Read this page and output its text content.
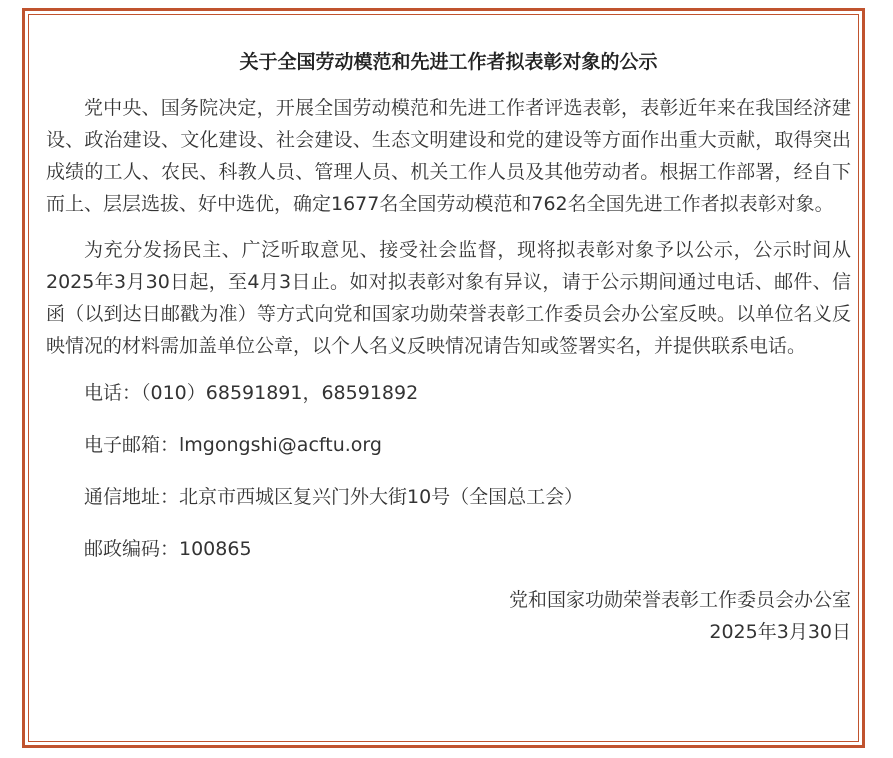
关于全国劳动模范和先进工作者拟表彰对象的公示

党中央、国务院决定，开展全国劳动模范和先进工作者评选表彰，表彰近年来在我国经济建设、政治建设、文化建设、社会建设、生态文明建设和党的建设等方面作出重大贡献，取得突出成绩的工人、农民、科教人员、管理人员、机关工作人员及其他劳动者。根据工作部署，经自下而上、层层选拔、好中选优，确定1677名全国劳动模范和762名全国先进工作者拟表彰对象。

为充分发扬民主、广泛听取意见、接受社会监督，现将拟表彰对象予以公示，公示时间从2025年3月30日起，至4月3日止。如对拟表彰对象有异议，请于公示期间通过电话、邮件、信函（以到达日邮戳为准）等方式向党和国家功勋荣誉表彰工作委员会办公室反映。以单位名义反映情况的材料需加盖单位公章，以个人名义反映情况请告知或签署实名，并提供联系电话。

电话：（010）68591891，68591892

电子邮箱：lmgongshi@acftu.org

通信地址：北京市西城区复兴门外大街10号（全国总工会）

邮政编码：100865

党和国家功勋荣誉表彰工作委员会办公室
2025年3月30日
